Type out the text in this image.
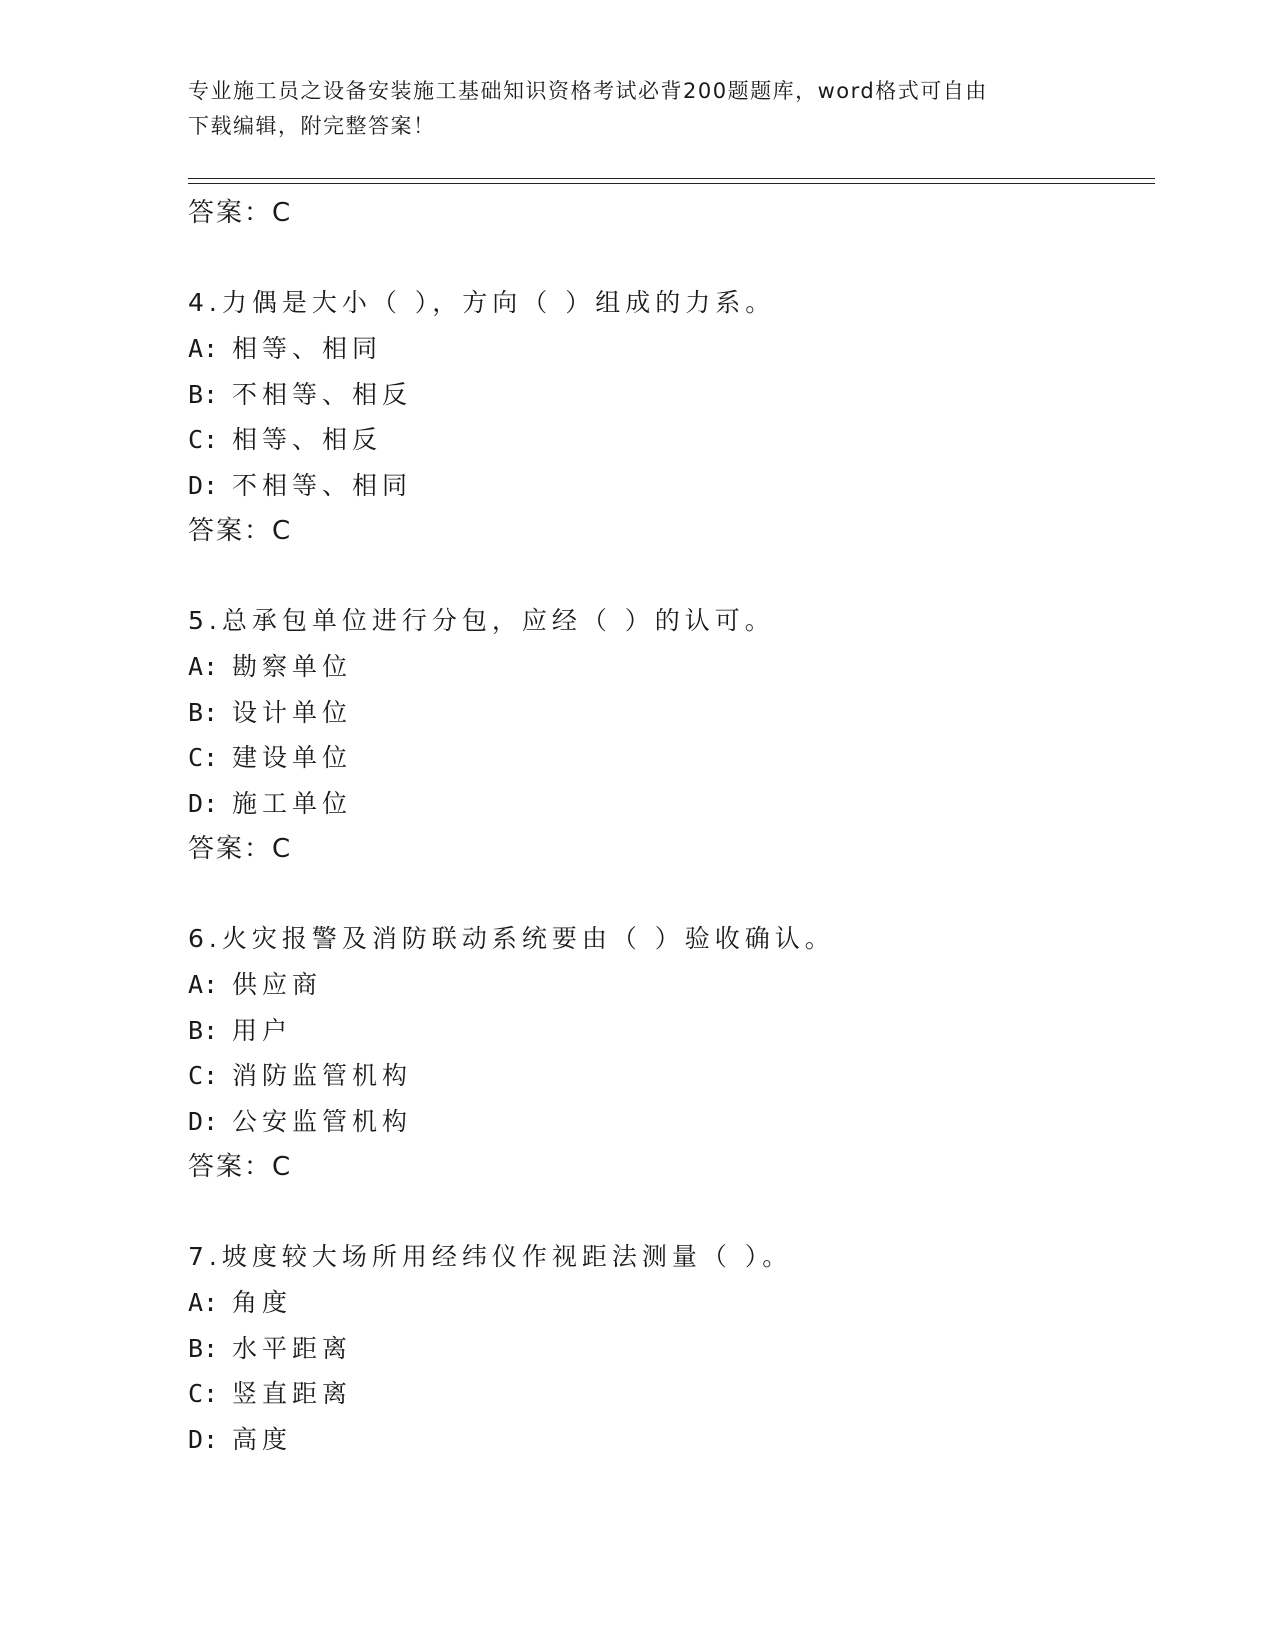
专业施工员之设备安装施工基础知识资格考试必背200题题库，word格式可自由
下载编辑，附完整答案！
答案：C
4.力偶是大小（ ），方向（ ）组成的力系。
A: 相等、相同
B: 不相等、相反
C: 相等、相反
D: 不相等、相同
答案：C
5.总承包单位进行分包，应经（ ）的认可。
A: 勘察单位
B: 设计单位
C: 建设单位
D: 施工单位
答案：C
6.火灾报警及消防联动系统要由（ ）验收确认。
A: 供应商
B: 用户
C: 消防监管机构
D: 公安监管机构
答案：C
7.坡度较大场所用经纬仪作视距法测量（ ）。
A: 角度
B: 水平距离
C: 竖直距离
D: 高度
